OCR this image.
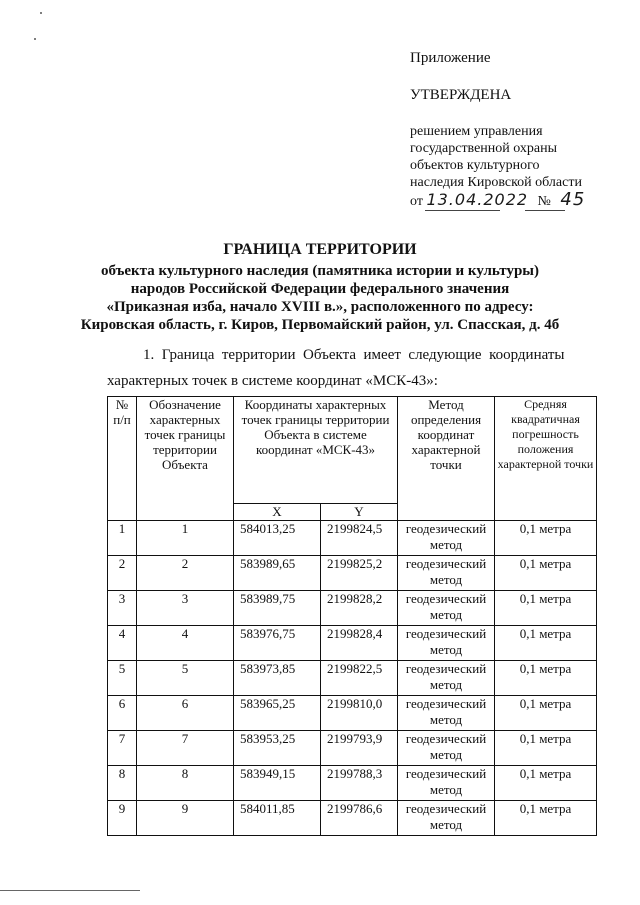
Приложение
УТВЕРЖДЕНА
решением управления
государственной охраны
объектов культурного
наследия Кировской области
от 13.04.2022 № 45
ГРАНИЦА ТЕРРИТОРИИ
объекта культурного наследия (памятника истории и культуры)
народов Российской Федерации федерального значения
«Приказная изба, начало XVIII в.», расположенного по адресу:
Кировская область, г. Киров, Первомайский район, ул. Спасская, д. 4б
1.  Граница  территории  Объекта  имеет  следующие  координаты
характерных точек в системе координат «МСК-43»:
№ п/п	Обозначение характерных точек границы территории Объекта	Координаты характерных точек границы территории Объекта в системе координат «МСК-43»		Метод определения координат характерной точки	Средняя квадратичная погрешность положения характерной точки
		X	Y		
1	1	584013,25	2199824,5	геодезический метод	0,1 метра
2	2	583989,65	2199825,2	геодезический метод	0,1 метра
3	3	583989,75	2199828,2	геодезический метод	0,1 метра
4	4	583976,75	2199828,4	геодезический метод	0,1 метра
5	5	583973,85	2199822,5	геодезический метод	0,1 метра
6	6	583965,25	2199810,0	геодезический метод	0,1 метра
7	7	583953,25	2199793,9	геодезический метод	0,1 метра
8	8	583949,15	2199788,3	геодезический метод	0,1 метра
9	9	584011,85	2199786,6	геодезический метод	0,1 метра
